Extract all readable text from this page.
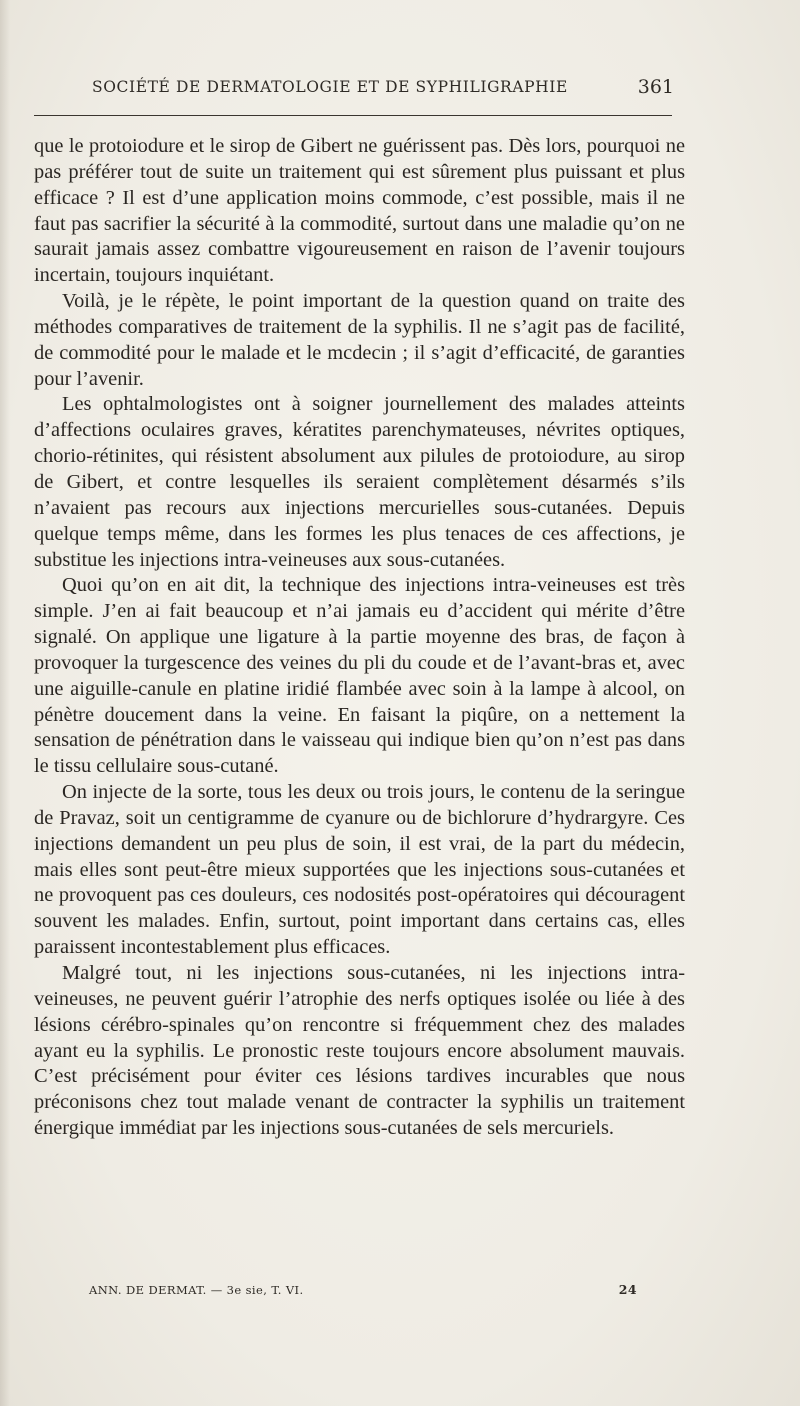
SOCIÉTÉ DE DERMATOLOGIE ET DE SYPHILIGRAPHIE	361

que le protoiodure et le sirop de Gibert ne guérissent pas. Dès lors, pourquoi ne pas préférer tout de suite un traitement qui est sûrement plus puissant et plus efficace ? Il est d’une application moins commode, c’est possible, mais il ne faut pas sacrifier la sécurité à la commodité, surtout dans une maladie qu’on ne saurait jamais assez combattre vigoureusement en raison de l’avenir toujours incertain, toujours inquiétant.

Voilà, je le répète, le point important de la question quand on traite des méthodes comparatives de traitement de la syphilis. Il ne s’agit pas de facilité, de commodité pour le malade et le mcdecin ; il s’agit d’efficacité, de garanties pour l’avenir.

Les ophtalmologistes ont à soigner journellement des malades atteints d’affections oculaires graves, kératites parenchymateuses, névrites optiques, chorio-rétinites, qui résistent absolument aux pilules de protoiodure, au sirop de Gibert, et contre lesquelles ils seraient complètement désarmés s’ils n’avaient pas recours aux injections mercurielles sous-cutanées. Depuis quelque temps même, dans les formes les plus tenaces de ces affections, je substitue les injections intra-veineuses aux sous-cutanées.

Quoi qu’on en ait dit, la technique des injections intra-veineuses est très simple. J’en ai fait beaucoup et n’ai jamais eu d’accident qui mérite d’être signalé. On applique une ligature à la partie moyenne des bras, de façon à provoquer la turgescence des veines du pli du coude et de l’avant-bras et, avec une aiguille-canule en platine iridié flambée avec soin à la lampe à alcool, on pénètre doucement dans la veine. En faisant la piqûre, on a nettement la sensation de pénétration dans le vaisseau qui indique bien qu’on n’est pas dans le tissu cellulaire sous-cutané.

On injecte de la sorte, tous les deux ou trois jours, le contenu de la seringue de Pravaz, soit un centigramme de cyanure ou de bichlorure d’hydrargyre. Ces injections demandent un peu plus de soin, il est vrai, de la part du médecin, mais elles sont peut-être mieux supportées que les injections sous-cutanées et ne provoquent pas ces douleurs, ces nodosités post-opératoires qui découragent souvent les malades. Enfin, surtout, point important dans certains cas, elles paraissent incontestablement plus efficaces.

Malgré tout, ni les injections sous-cutanées, ni les injections intra-veineuses, ne peuvent guérir l’atrophie des nerfs optiques isolée ou liée à des lésions cérébro-spinales qu’on rencontre si fréquemment chez des malades ayant eu la syphilis. Le pronostic reste toujours encore absolument mauvais. C’est précisément pour éviter ces lésions tardives incurables que nous préconisons chez tout malade venant de contracter la syphilis un traitement énergique immédiat par les injections sous-cutanées de sels mercuriels.

ANN. DE DERMAT. — 3e sie, T. VI.	24
